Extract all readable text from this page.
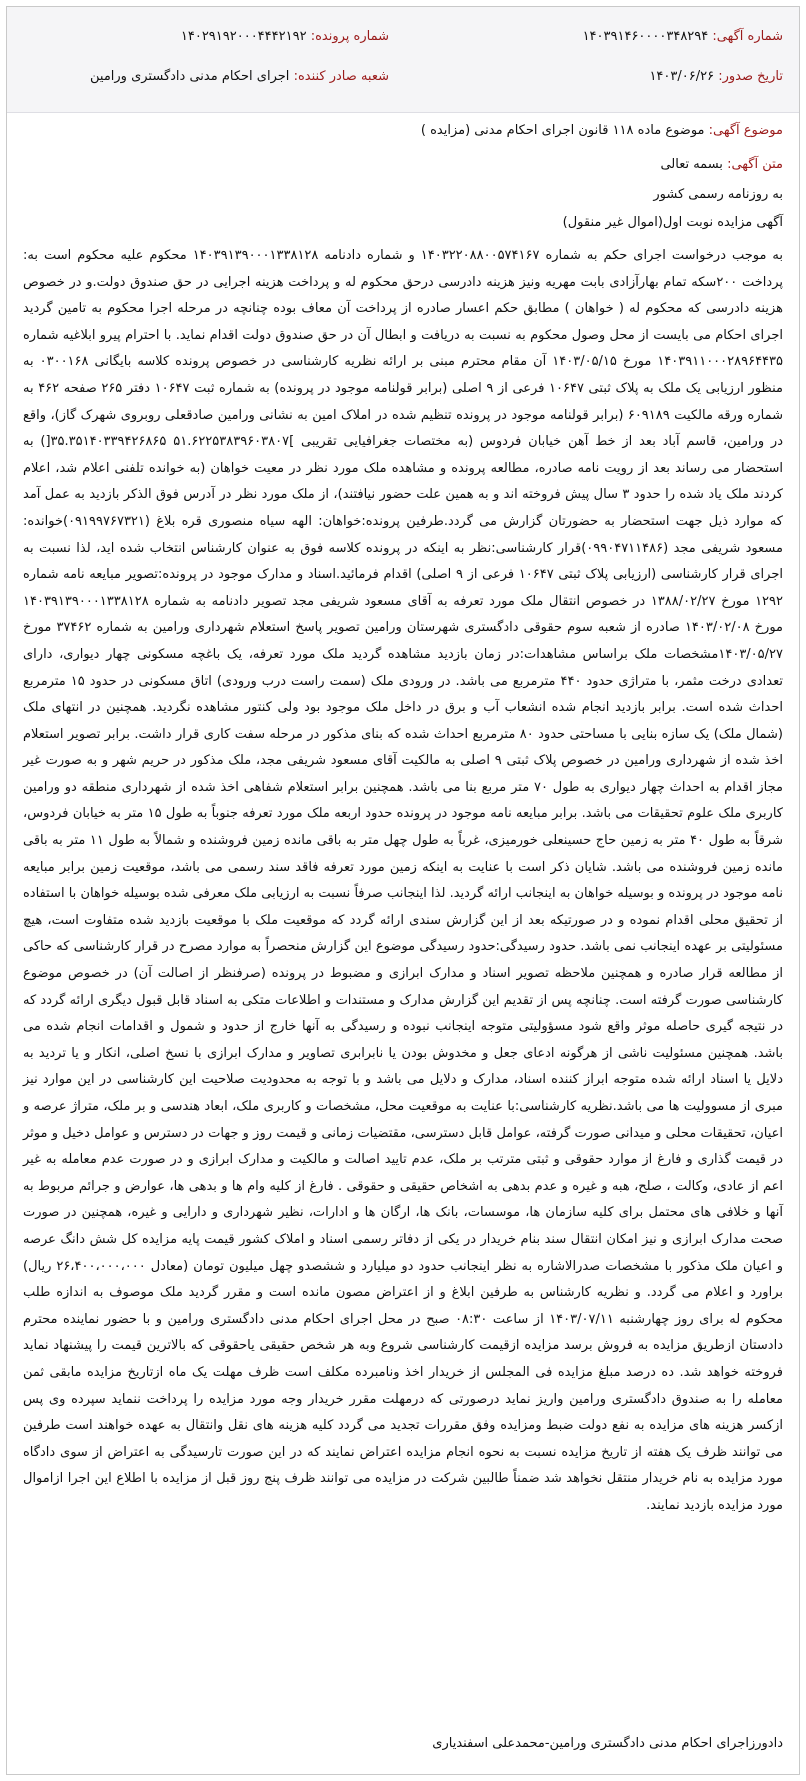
شماره آگهی: ۱۴۰۳۹۱۴۶۰۰۰۰۳۴۸۲۹۴
شماره پرونده: ۱۴۰۲۹۱۹۲۰۰۰۴۴۴۲۱۹۲
تاریخ صدور: ۱۴۰۳/۰۶/۲۶
شعبه صادر کننده: اجرای احکام مدنی دادگستری ورامین
موضوع آگهی: موضوع ماده ۱۱۸ قانون اجرای احکام مدنی (مزایده )
متن آگهی: بسمه تعالی
به روزنامه رسمی کشور
آگهی مزایده نوبت اول(اموال غیر منقول)

به موجب درخواست اجرای حکم به شماره ۱۴۰۳۲۲۰۸۸۰۰۵۷۴۱۶۷ و شماره دادنامه ۱۴۰۳۹۱۳۹۰۰۰۱۳۳۸۱۲۸ محکوم علیه محکوم است به: پرداخت ۲۰۰سکه تمام بهارآزادی بابت مهریه ونیز هزینه دادرسی درحق محکوم له و پرداخت هزینه اجرایی در حق صندوق دولت.و در خصوص هزینه دادرسی که محکوم له ( خواهان ) مطابق حکم اعسار صادره از پرداخت آن معاف بوده چنانچه در مرحله اجرا محکوم به تامین گردید اجرای احکام می بایست از محل وصول محکوم به نسبت به دریافت و ابطال آن در حق صندوق دولت اقدام نماید. با احترام پیرو ابلاغیه شماره ۱۴۰۳۹۱۱۰۰۰۲۸۹۶۴۴۳۵ مورخ ۱۴۰۳/۰۵/۱۵ آن مقام محترم مبنی بر ارائه نظریه کارشناسی در خصوص پرونده کلاسه بایگانی ۰۳۰۰۱۶۸ به منظور ارزیابی یک ملک به پلاک ثبتی ۱۰۶۴۷ فرعی از ۹ اصلی (برابر قولنامه موجود در پرونده) به شماره ثبت ۱۰۶۴۷ دفتر ۲۶۵ صفحه ۴۶۲ به شماره ورقه مالکیت ۶۰۹۱۸۹ (برابر قولنامه موجود در پرونده تنظیم شده در املاک امین به نشانی ورامین صادقعلی روبروی شهرک گاز)، واقع در ورامین، قاسم آباد بعد از خط آهن خیابان فردوس (به مختصات جغرافیایی تقریبی ]۵۱.۶۲۲۵۳۸۳۹۶۰۳۸۰۷ ۳۵.۳۵۱۴۰۳۳۹۴۲۶۸۶۵[) به استحضار می رساند بعد از رویت نامه صادره، مطالعه پرونده و مشاهده ملک مورد نظر در معیت خواهان (به خوانده تلفنی اعلام شد، اعلام کردند ملک یاد شده را حدود ۳ سال پیش فروخته اند و به همین علت حضور نیافتند)، از ملک مورد نظر در آدرس فوق الذکر بازدید به عمل آمد که موارد ذیل جهت استحضار به حضورتان گزارش می گردد.طرفین پرونده:خواهان: الهه سیاه منصوری قره بلاغ (۰۹۱۹۹۷۶۷۳۲۱)خوانده: مسعود شریفی مجد (۰۹۹۰۴۷۱۱۴۸۶)قرار کارشناسی:نظر به اینکه در پرونده کلاسه فوق به عنوان کارشناس انتخاب شده اید، لذا نسبت به اجرای قرار کارشناسی (ارزیابی پلاک ثبتی ۱۰۶۴۷ فرعی از ۹ اصلی) اقدام فرمائید.اسناد و مدارک موجود در پرونده:تصویر مبایعه نامه شماره ۱۲۹۲ مورخ ۱۳۸۸/۰۲/۲۷ در خصوص انتقال ملک مورد تعرفه به آقای مسعود شریفی مجد تصویر دادنامه به شماره ۱۴۰۳۹۱۳۹۰۰۰۱۳۳۸۱۲۸ مورخ ۱۴۰۳/۰۲/۰۸ صادره از شعبه سوم حقوقی دادگستری شهرستان ورامین تصویر پاسخ استعلام شهرداری ورامین به شماره ۳۷۴۶۲ مورخ ۱۴۰۳/۰۵/۲۷مشخصات ملک براساس مشاهدات:در زمان بازدید مشاهده گردید ملک مورد تعرفه، یک باغچه مسکونی چهار دیواری، دارای تعدادی درخت مثمر، با متراژی حدود ۴۴۰ مترمربع می باشد. در ورودی ملک (سمت راست درب ورودی) اتاق مسکونی در حدود ۱۵ مترمربع احداث شده است. برابر بازدید انجام شده انشعاب آب و برق در داخل ملک موجود بود ولی کنتور مشاهده نگردید. همچنین در انتهای ملک (شمال ملک) یک سازه بنایی با مساحتی حدود ۸۰ مترمربع احداث شده که بنای مذکور در مرحله سفت کاری قرار داشت. برابر تصویر استعلام اخذ شده از شهرداری ورامین در خصوص پلاک ثبتی ۹ اصلی به مالکیت آقای مسعود شریفی مجد، ملک مذکور در حریم شهر و به صورت غیر مجاز اقدام به احداث چهار دیواری به طول ۷۰ متر مربع بنا می باشد. همچنین برابر استعلام شفاهی اخذ شده از شهرداری منطقه دو ورامین کاربری ملک علوم تحقیقات می باشد. برابر مبایعه نامه موجود در پرونده حدود اربعه ملک مورد تعرفه جنوباً به طول ۱۵ متر به خیابان فردوس، شرقاً به طول ۴۰ متر به زمین حاج حسینعلی خورمیزی، غرباً به طول چهل متر به باقی مانده زمین فروشنده و شمالاً به طول ۱۱ متر به باقی مانده زمین فروشنده می باشد. شایان ذکر است با عنایت به اینکه زمین مورد تعرفه فاقد سند رسمی می باشد، موقعیت زمین برابر مبایعه نامه موجود در پرونده و بوسیله خواهان به اینجانب ارائه گردید. لذا اینجانب صرفاً نسبت به ارزیابی ملک معرفی شده بوسیله خواهان با استفاده از تحقیق محلی اقدام نموده و در صورتیکه بعد از این گزارش سندی ارائه گردد که موقعیت ملک با موقعیت بازدید شده متفاوت است، هیچ مسئولیتی بر عهده اینجانب نمی باشد. حدود رسیدگی:حدود رسیدگی موضوع این گزارش منحصراً به موارد مصرح در قرار کارشناسی که حاکی از مطالعه قرار صادره و همچنین ملاحظه تصویر اسناد و مدارک ابرازی و مضبوط در پرونده (صرفنظر از اصالت آن) در خصوص موضوع کارشناسی صورت گرفته است. چنانچه پس از تقدیم این گزارش مدارک و مستندات و اطلاعات متکی به اسناد قابل قبول دیگری ارائه گردد که در نتیجه گیری حاصله موثر واقع شود مسؤولیتی متوجه اینجانب نبوده و رسیدگی به آنها خارج از حدود و شمول و اقدامات انجام شده می باشد. همچنین مسئولیت ناشی از هرگونه ادعای جعل و مخدوش بودن یا نابرابری تصاویر و مدارک ابرازی با نسخ اصلی، انکار و یا تردید به دلایل یا اسناد ارائه شده متوجه ابراز کننده اسناد، مدارک و دلایل می باشد و با توجه به محدودیت صلاحیت این کارشناسی در این موارد نیز مبری از مسوولیت ها می باشد.نظریه کارشناسی:با عنایت به موقعیت محل، مشخصات و کاربری ملک، ابعاد هندسی و بر ملک، متراژ عرصه و اعیان، تحقیقات محلی و میدانی صورت گرفته، عوامل قابل دسترسی، مقتضیات زمانی و قیمت روز و جهات در دسترس و عوامل دخیل و موثر در قیمت گذاری و فارغ از موارد حقوقی و ثبتی مترتب بر ملک، عدم تایید اصالت و مالکیت و مدارک ابرازی و در صورت عدم معامله به غیر اعم از عادی، وکالت ، صلح، هبه و غیره و عدم بدهی به اشخاص حقیقی و حقوقی . فارغ از کلیه وام ها و بدهی ها، عوارض و جرائم مربوط به آنها و خلافی های محتمل برای کلیه سازمان ها، موسسات، بانک ها، ارگان ها و ادارات، نظیر شهرداری و دارایی و غیره، همچنین در صورت صحت مدارک ابرازی و نیز امکان انتقال سند بنام خریدار در یکی از دفاتر رسمی اسناد و املاک کشور قیمت پایه مزایده کل شش دانگ عرصه و اعیان ملک مذکور با مشخصات صدرالاشاره به نظر اینجانب حدود دو میلیارد و ششصدو چهل میلیون تومان (معادل ۲۶،۴۰۰،۰۰۰،۰۰۰ ریال) براورد و اعلام می گردد. و نظریه کارشناس به طرفین ابلاغ و از اعتراض مصون مانده است و مقرر گردید ملک موصوف به اندازه طلب محکوم له برای روز چهارشنبه ۱۴۰۳/۰۷/۱۱ از ساعت ۰۸:۳۰ صبح در محل اجرای احکام مدنی دادگستری ورامین و با حضور نماینده محترم دادستان ازطریق مزایده به فروش برسد مزایده ازقیمت کارشناسی شروع وبه هر شخص حقیقی یاحقوقی که بالاترین قیمت را پیشنهاد نماید فروخته خواهد شد. ده درصد مبلغ مزایده فی المجلس از خریدار اخذ ونامبرده مکلف است ظرف مهلت یک ماه ازتاریخ مزایده مابقی ثمن معامله را به صندوق دادگستری ورامین واریز نماید درصورتی که درمهلت مقرر خریدار وجه مورد مزایده را پرداخت ننماید سپرده وی پس ازکسر هزینه های مزایده به نفع دولت ضبط ومزایده وفق مقررات تجدید می گردد کلیه هزینه های نقل وانتقال به عهده خواهند است طرفین می توانند ظرف یک هفته از تاریخ مزایده نسبت به نحوه انجام مزایده اعتراض نمایند که در این صورت تارسیدگی به اعتراض از سوی دادگاه مورد مزایده به نام خریدار منتقل نخواهد شد ضمناً طالبین شرکت در مزایده می توانند ظرف پنج روز قبل از مزایده با اطلاع این اجرا ازاموال مورد مزایده بازدید نمایند.

دادورزاجرای احکام مدنی دادگستری ورامین-محمدعلی اسفندیاری
